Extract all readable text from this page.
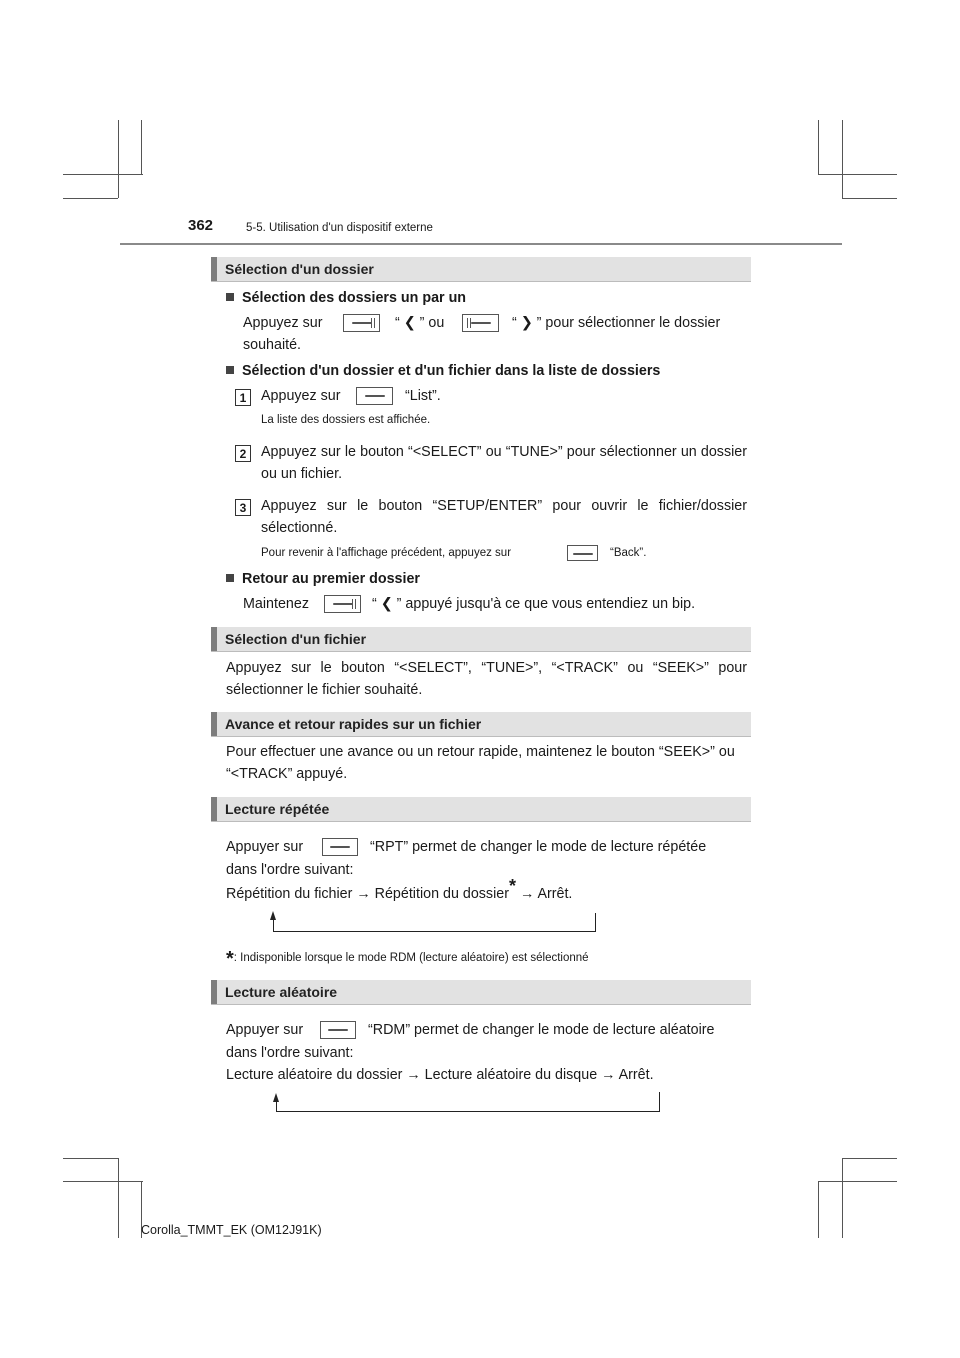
362	5-5. Utilisation d'un dispositif externe
Sélection d'un dossier
Sélection des dossiers un par un
Appuyez sur	“ ❮ ” ou	“ ❯ ” pour sélectionner le dossier
souhaité.
Sélection d'un dossier et d'un fichier dans la liste de dossiers
1	Appuyez sur	“List”.
La liste des dossiers est affichée.
2	Appuyez sur le bouton “<SELECT” ou “TUNE>” pour sélectionner un dossier ou un fichier.
3	Appuyez sur le bouton “SETUP/ENTER” pour ouvrir le fichier/dossier sélectionné.
Pour revenir à l'affichage précédent, appuyez sur	“Back”.
Retour au premier dossier
Maintenez	“ ❮ ” appuyé jusqu'à ce que vous entendiez un bip.
Sélection d'un fichier
Appuyez sur le bouton “<SELECT”, “TUNE>”, “<TRACK” ou “SEEK>” pour sélectionner le fichier souhaité.
Avance et retour rapides sur un fichier
Pour effectuer une avance ou un retour rapide, maintenez le bouton “SEEK>” ou “<TRACK” appuyé.
Lecture répétée
Appuyer sur	“RPT” permet de changer le mode de lecture répétée
dans l'ordre suivant:
Répétition du fichier → Répétition du dossier* → Arrêt.
*: Indisponible lorsque le mode RDM (lecture aléatoire) est sélectionné
Lecture aléatoire
Appuyer sur	“RDM” permet de changer le mode de lecture aléatoire
dans l'ordre suivant:
Lecture aléatoire du dossier → Lecture aléatoire du disque → Arrêt.
Corolla_TMMT_EK (OM12J91K)
